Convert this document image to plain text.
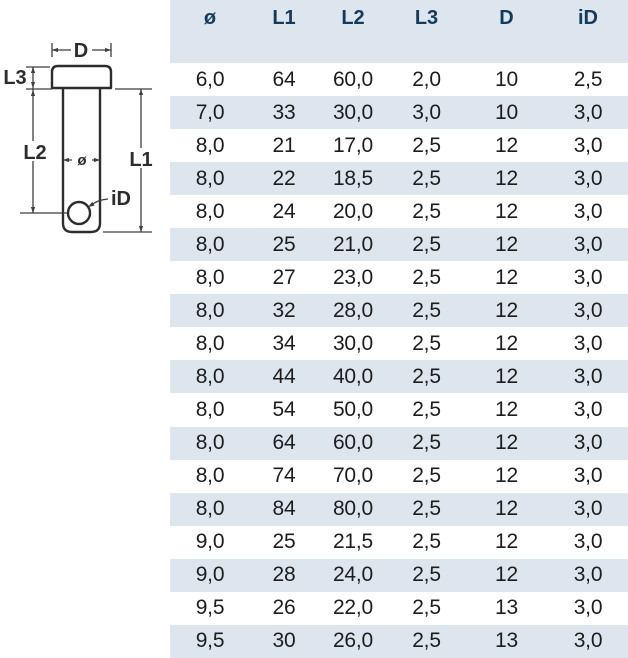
D
L3
L2	L1
ø
iD
ø	L1	L2	L3	D	iD
6,0	64	60,0	2,0	10	2,5
7,0	33	30,0	3,0	10	3,0
8,0	21	17,0	2,5	12	3,0
8,0	22	18,5	2,5	12	3,0
8,0	24	20,0	2,5	12	3,0
8,0	25	21,0	2,5	12	3,0
8,0	27	23,0	2,5	12	3,0
8,0	32	28,0	2,5	12	3,0
8,0	34	30,0	2,5	12	3,0
8,0	44	40,0	2,5	12	3,0
8,0	54	50,0	2,5	12	3,0
8,0	64	60,0	2,5	12	3,0
8,0	74	70,0	2,5	12	3,0
8,0	84	80,0	2,5	12	3,0
9,0	25	21,5	2,5	12	3,0
9,0	28	24,0	2,5	12	3,0
9,5	26	22,0	2,5	13	3,0
9,5	30	26,0	2,5	13	3,0
